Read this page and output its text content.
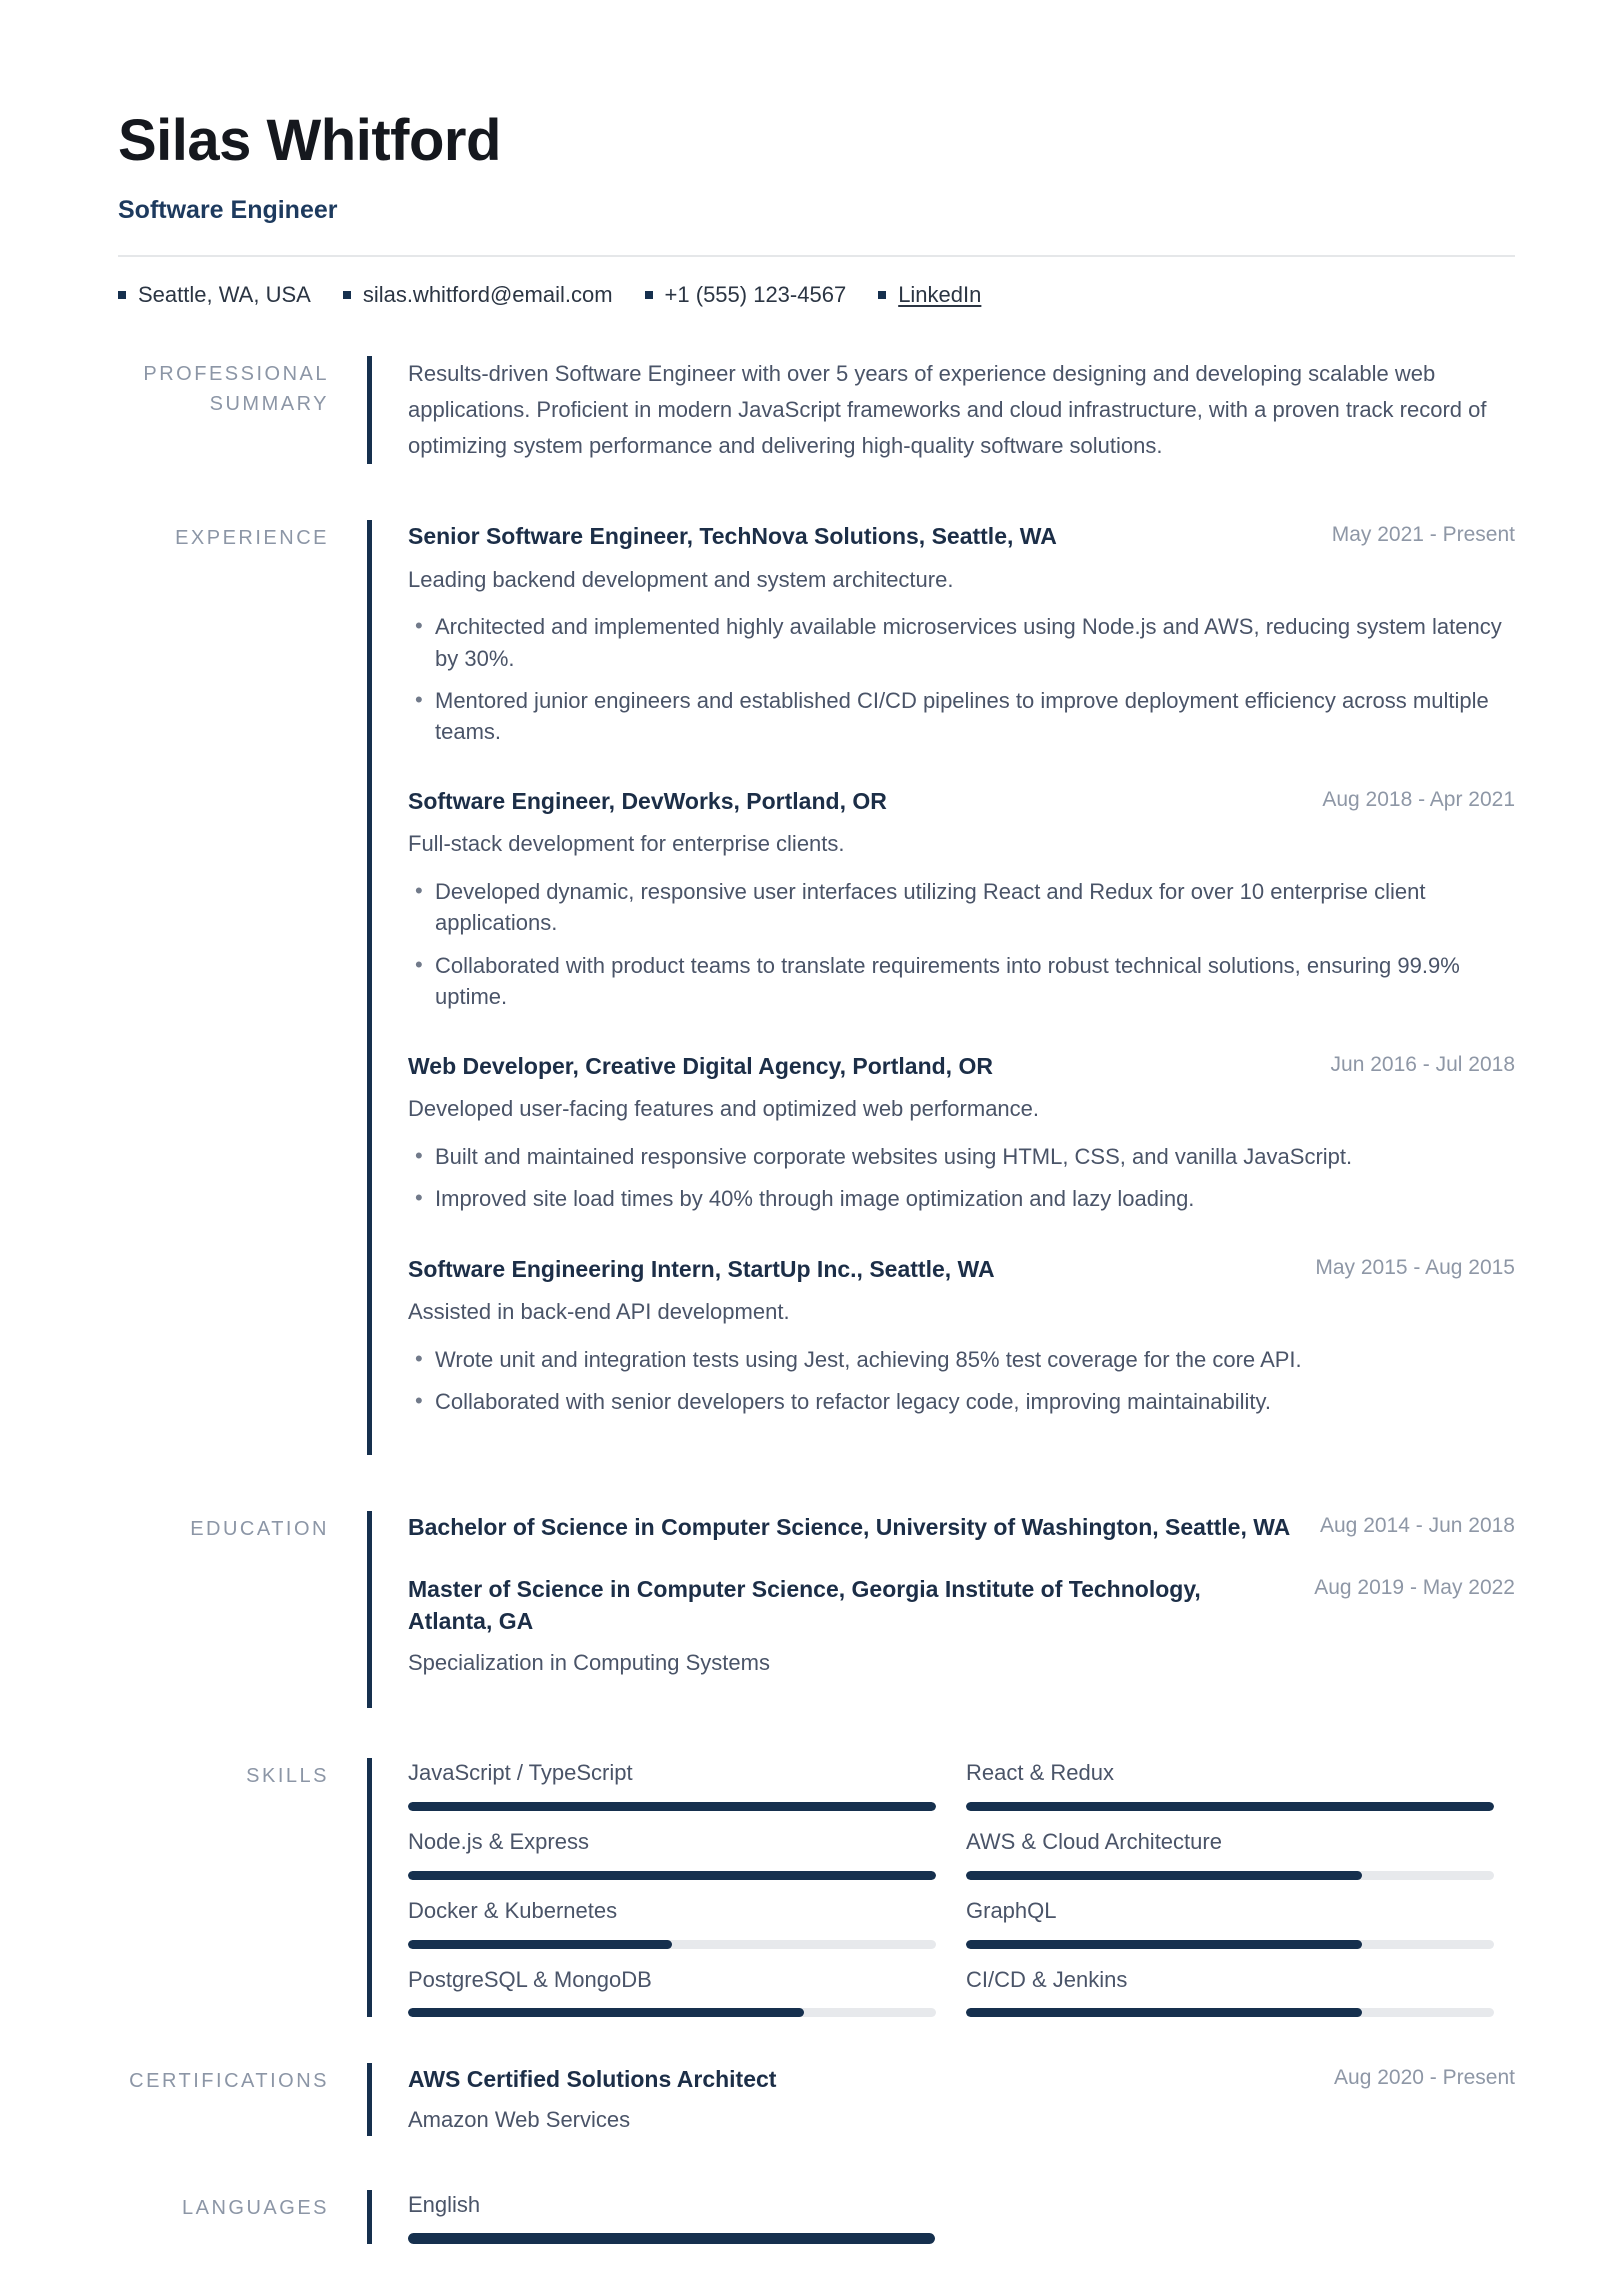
Silas Whitford
Software Engineer
Seattle, WA, USA silas.whitford@email.com +1 (555) 123-4567 LinkedIn
PROFESSIONAL SUMMARY

Results-driven Software Engineer with over 5 years of experience designing and developing scalable web applications. Proficient in modern JavaScript frameworks and cloud infrastructure, with a proven track record of optimizing system performance and delivering high-quality software solutions.

EXPERIENCE	Senior Software Engineer, TechNova Solutions, Seattle, WA	May 2021 - Present
Leading backend development and system architecture.
• Architected and implemented highly available microservices using Node.js and AWS, reducing system latency by 30%.
• Mentored junior engineers and established CI/CD pipelines to improve deployment efficiency across multiple teams.
Software Engineer, DevWorks, Portland, OR	Aug 2018 - Apr 2021
Full-stack development for enterprise clients.
• Developed dynamic, responsive user interfaces utilizing React and Redux for over 10 enterprise client applications.
• Collaborated with product teams to translate requirements into robust technical solutions, ensuring 99.9% uptime.
Web Developer, Creative Digital Agency, Portland, OR	Jun 2016 - Jul 2018
Developed user-facing features and optimized web performance.
• Built and maintained responsive corporate websites using HTML, CSS, and vanilla JavaScript.
• Improved site load times by 40% through image optimization and lazy loading.
Software Engineering Intern, StartUp Inc., Seattle, WA	May 2015 - Aug 2015
Assisted in back-end API development.
• Wrote unit and integration tests using Jest, achieving 85% test coverage for the core API.
• Collaborated with senior developers to refactor legacy code, improving maintainability.
EDUCATION	Bachelor of Science in Computer Science, University of Washington, Seattle, WA Aug 2014 - Jun 2018
Master of Science in Computer Science, Georgia Institute of Technology, Atlanta, GA
Aug 2019 - May 2022
Specialization in Computing Systems
SKILLS	JavaScript / TypeScript	React & Redux
Node.js & Express	AWS & Cloud Architecture
Docker & Kubernetes	GraphQL
PostgreSQL & MongoDB	CI/CD & Jenkins
CERTIFICATIONS	AWS Certified Solutions Architect	Aug 2020 - Present
Amazon Web Services
LANGUAGES	English
